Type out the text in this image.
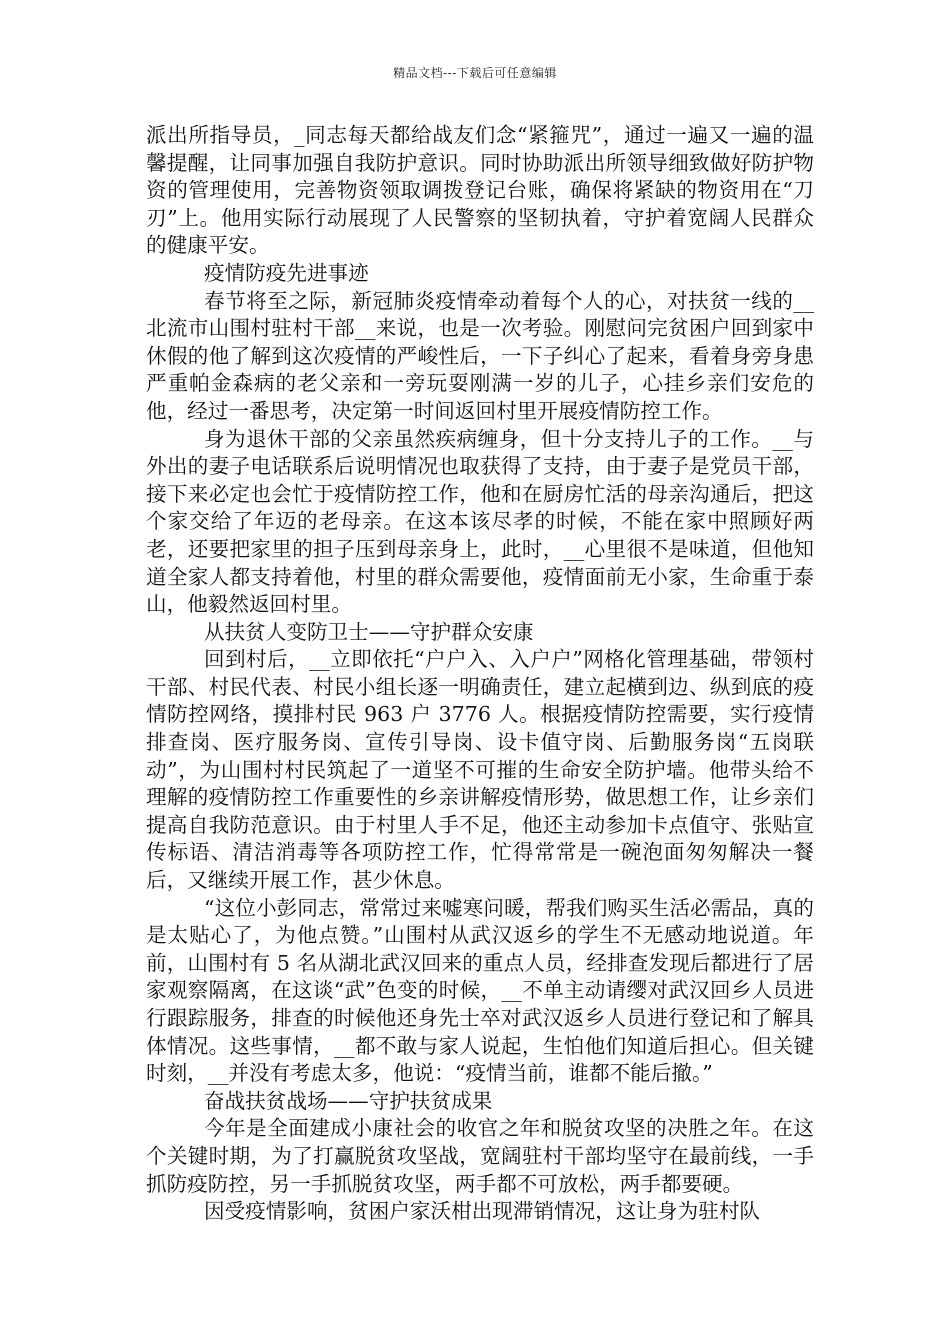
精品文档---下载后可任意编辑

派出所指导员，_同志每天都给战友们念“紧箍咒”，通过一遍又一遍的温馨提醒，让同事加强自我防护意识。同时协助派出所领导细致做好防护物资的管理使用，完善物资领取调拨登记台账，确保将紧缺的物资用在“刀刃”上。他用实际行动展现了人民警察的坚韧执着，守护着宽阔人民群众的健康平安。

疫情防疫先进事迹

春节将至之际，新冠肺炎疫情牵动着每个人的心，对扶贫一线的__北流市山围村驻村干部__来说，也是一次考验。刚慰问完贫困户回到家中休假的他了解到这次疫情的严峻性后，一下子纠心了起来，看着身旁身患严重帕金森病的老父亲和一旁玩耍刚满一岁的儿子，心挂乡亲们安危的他，经过一番思考，决定第一时间返回村里开展疫情防控工作。

身为退休干部的父亲虽然疾病缠身，但十分支持儿子的工作。__与外出的妻子电话联系后说明情况也取获得了支持，由于妻子是党员干部，接下来必定也会忙于疫情防控工作，他和在厨房忙活的母亲沟通后，把这个家交给了年迈的老母亲。在这本该尽孝的时候，不能在家中照顾好两老，还要把家里的担子压到母亲身上，此时，__心里很不是味道，但他知道全家人都支持着他，村里的群众需要他，疫情面前无小家，生命重于泰山，他毅然返回村里。

从扶贫人变防卫士——守护群众安康

回到村后，__立即依托“户户入、入户户”网格化管理基础，带领村干部、村民代表、村民小组长逐一明确责任，建立起横到边、纵到底的疫情防控网络，摸排村民 963 户 3776 人。根据疫情防控需要，实行疫情排查岗、医疗服务岗、宣传引导岗、设卡值守岗、后勤服务岗“五岗联动”，为山围村村民筑起了一道坚不可摧的生命安全防护墙。他带头给不理解的疫情防控工作重要性的乡亲讲解疫情形势，做思想工作，让乡亲们提高自我防范意识。由于村里人手不足，他还主动参加卡点值守、张贴宣传标语、清洁消毒等各项防控工作，忙得常常是一碗泡面匆匆解决一餐后，又继续开展工作，甚少休息。

“这位小彭同志，常常过来嘘寒问暖，帮我们购买生活必需品，真的是太贴心了，为他点赞。”山围村从武汉返乡的学生不无感动地说道。年前，山围村有 5 名从湖北武汉回来的重点人员，经排查发现后都进行了居家观察隔离，在这谈“武”色变的时候，__不单主动请缨对武汉回乡人员进行跟踪服务，排查的时候他还身先士卒对武汉返乡人员进行登记和了解具体情况。这些事情，__都不敢与家人说起，生怕他们知道后担心。但关键时刻，__并没有考虑太多，他说：“疫情当前，谁都不能后撤。”

奋战扶贫战场——守护扶贫成果

今年是全面建成小康社会的收官之年和脱贫攻坚的决胜之年。在这个关键时期，为了打赢脱贫攻坚战，宽阔驻村干部均坚守在最前线，一手抓防疫防控，另一手抓脱贫攻坚，两手都不可放松，两手都要硬。

因受疫情影响，贫困户家沃柑出现滞销情况，这让身为驻村队
